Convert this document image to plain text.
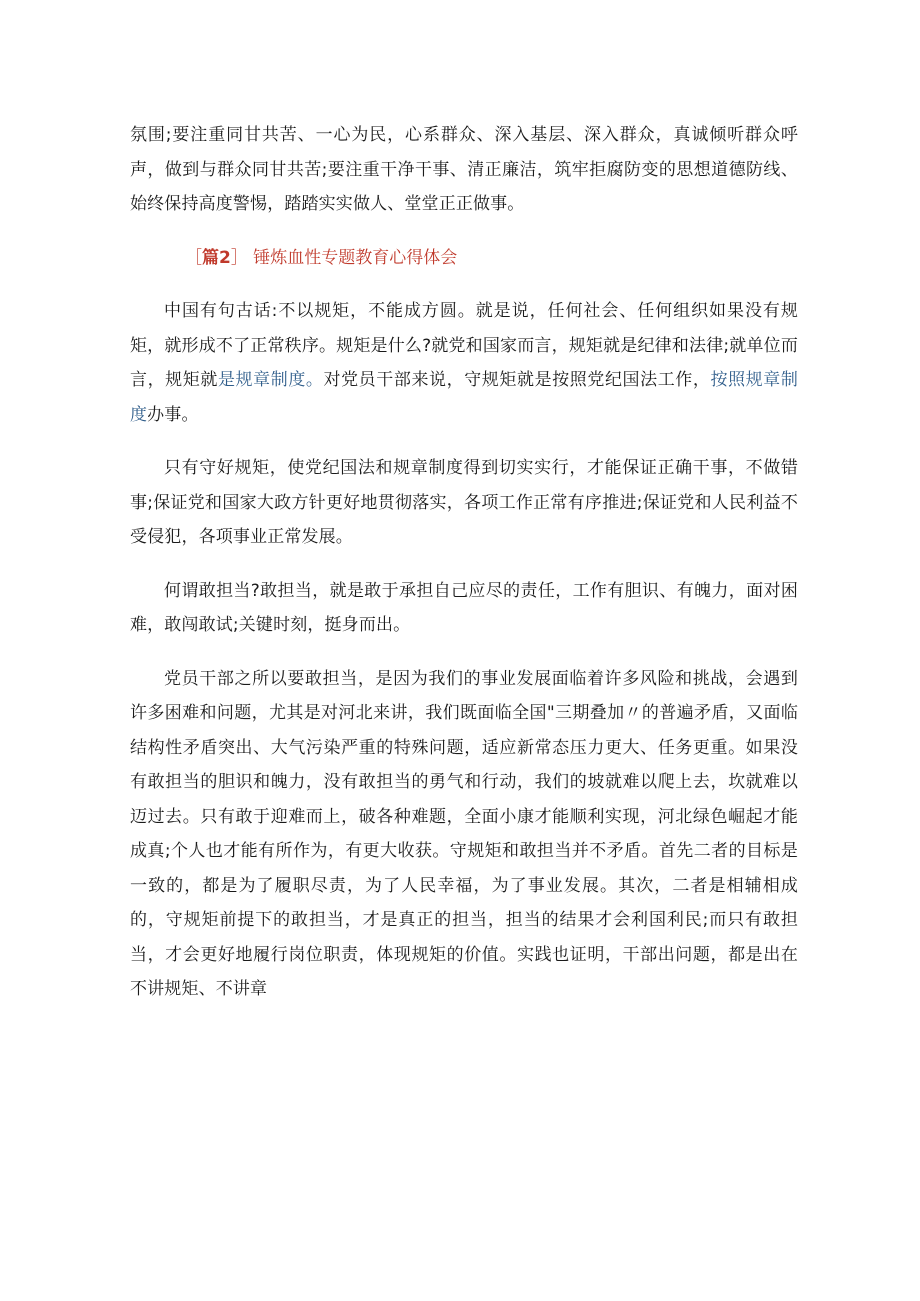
氛围;要注重同甘共苦、一心为民，心系群众、深入基层、深入群众，真诚倾听群众呼声，做到与群众同甘共苦;要注重干净干事、清正廉洁，筑牢拒腐防变的思想道德防线、始终保持高度警惕，踏踏实实做人、堂堂正正做事。

［篇2］ 锤炼血性专题教育心得体会

中国有句古话:不以规矩，不能成方圆。就是说，任何社会、任何组织如果没有规矩，就形成不了正常秩序。规矩是什么?就党和国家而言，规矩就是纪律和法律;就单位而言，规矩就是规章制度。对党员干部来说，守规矩就是按照党纪国法工作，按照规章制度办事。

只有守好规矩，使党纪国法和规章制度得到切实实行，才能保证正确干事，不做错事;保证党和国家大政方针更好地贯彻落实，各项工作正常有序推进;保证党和人民利益不受侵犯，各项事业正常发展。

何谓敢担当?敢担当，就是敢于承担自己应尽的责任，工作有胆识、有魄力，面对困难，敢闯敢试;关键时刻，挺身而出。

党员干部之所以要敢担当，是因为我们的事业发展面临着许多风险和挑战，会遇到许多困难和问题，尤其是对河北来讲，我们既面临全国"三期叠加〃的普遍矛盾，又面临结构性矛盾突出、大气污染严重的特殊问题，适应新常态压力更大、任务更重。如果没有敢担当的胆识和魄力，没有敢担当的勇气和行动，我们的坡就难以爬上去，坎就难以迈过去。只有敢于迎难而上，破各种难题，全面小康才能顺利实现，河北绿色崛起才能成真;个人也才能有所作为，有更大收获。守规矩和敢担当并不矛盾。首先二者的目标是一致的，都是为了履职尽责，为了人民幸福，为了事业发展。其次，二者是相辅相成的，守规矩前提下的敢担当，才是真正的担当，担当的结果才会利国利民;而只有敢担当，才会更好地履行岗位职责，体现规矩的价值。实践也证明，干部出问题，都是出在不讲规矩、不讲章
